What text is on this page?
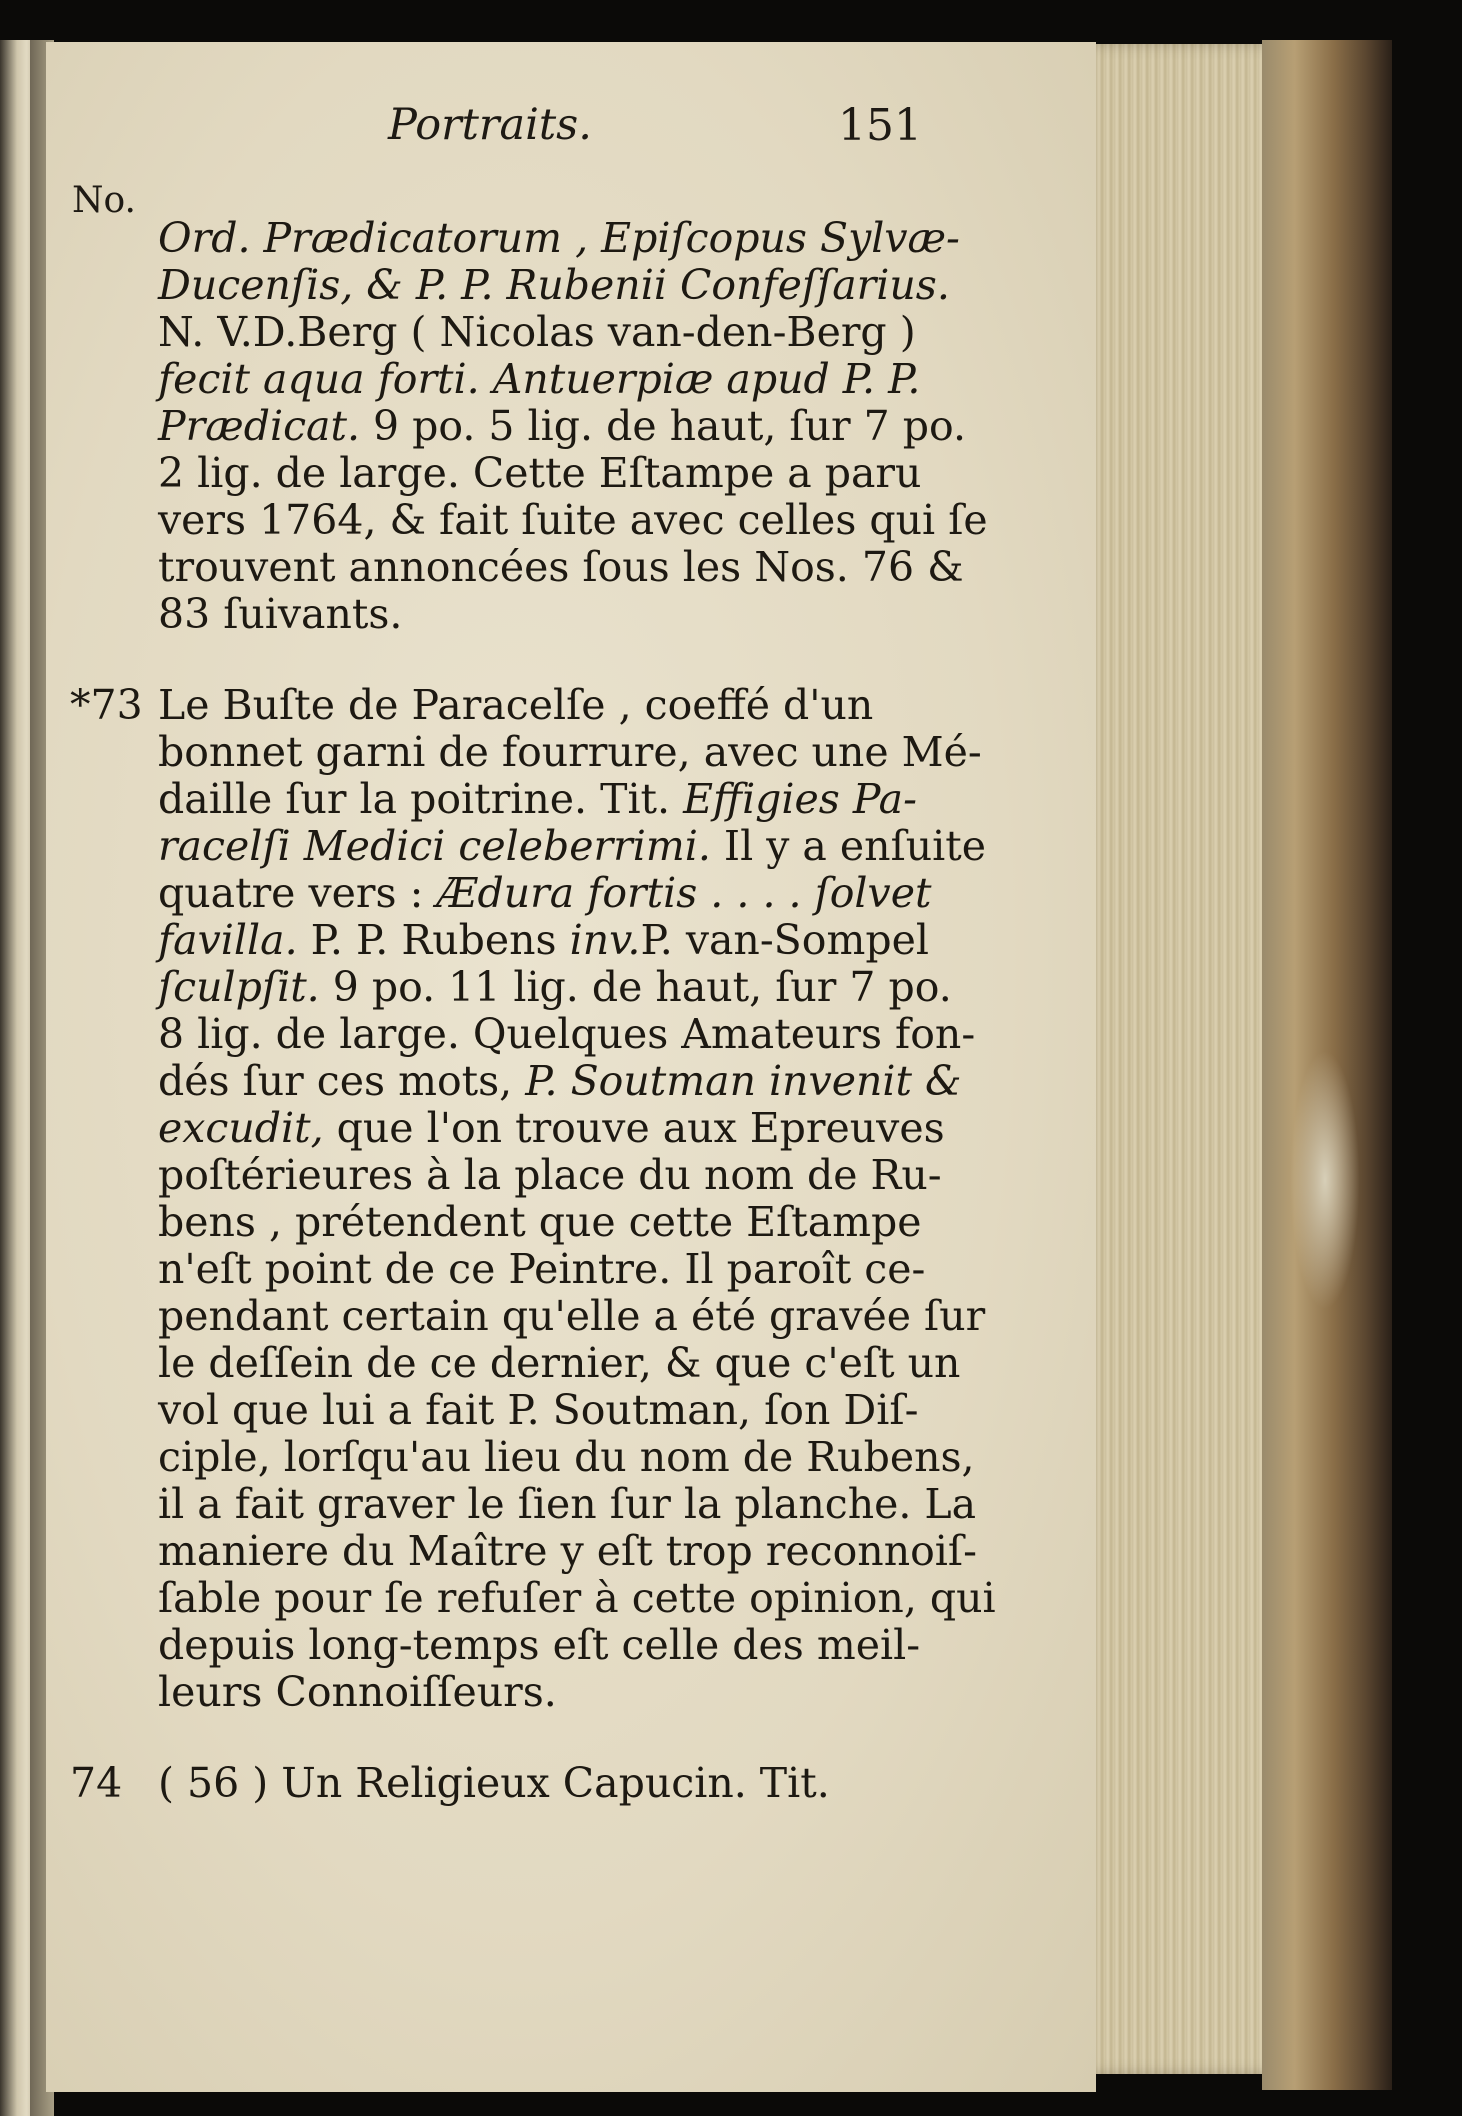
Portraits.	151
No.
Ord. Prædicatorum , Epiſcopus Sylvæ-
Ducenſis, & P. P. Rubenii Confeſſarius.
N. V.D.Berg ( Nicolas van-den-Berg )
fecit aqua forti. Antuerpiæ apud P. P.
Prædicat. 9 po. 5 lig. de haut, ſur 7 po.
2 lig. de large. Cette Eſtampe a paru
vers 1764, & fait ſuite avec celles qui ſe
trouvent annoncées ſous les Nos. 76 &
83 ſuivants.
*73 Le Buſte de Paracelſe , coeffé d'un
bonnet garni de fourrure, avec une Mé-
daille ſur la poitrine. Tit. Effigies Pa-
racelſi Medici celeberrimi. Il y a enſuite
quatre vers : Ædura fortis . . . . ſolvet
favilla. P. P. Rubens inv.P. van-Sompel
ſculpſit. 9 po. 11 lig. de haut, ſur 7 po.
8 lig. de large. Quelques Amateurs fon-
dés ſur ces mots, P. Soutman invenit &
excudit, que l'on trouve aux Epreuves
poſtérieures à la place du nom de Ru-
bens , prétendent que cette Eſtampe
n'eſt point de ce Peintre. Il paroît ce-
pendant certain qu'elle a été gravée ſur
le deſſein de ce dernier, & que c'eſt un
vol que lui a fait P. Soutman, ſon Diſ-
ciple, lorſqu'au lieu du nom de Rubens,
il a fait graver le ſien ſur la planche. La
maniere du Maître y eſt trop reconnoiſ-
ſable pour ſe refuſer à cette opinion, qui
depuis long-temps eſt celle des meil-
leurs Connoiſſeurs.
74 ( 56 ) Un Religieux Capucin. Tit.
